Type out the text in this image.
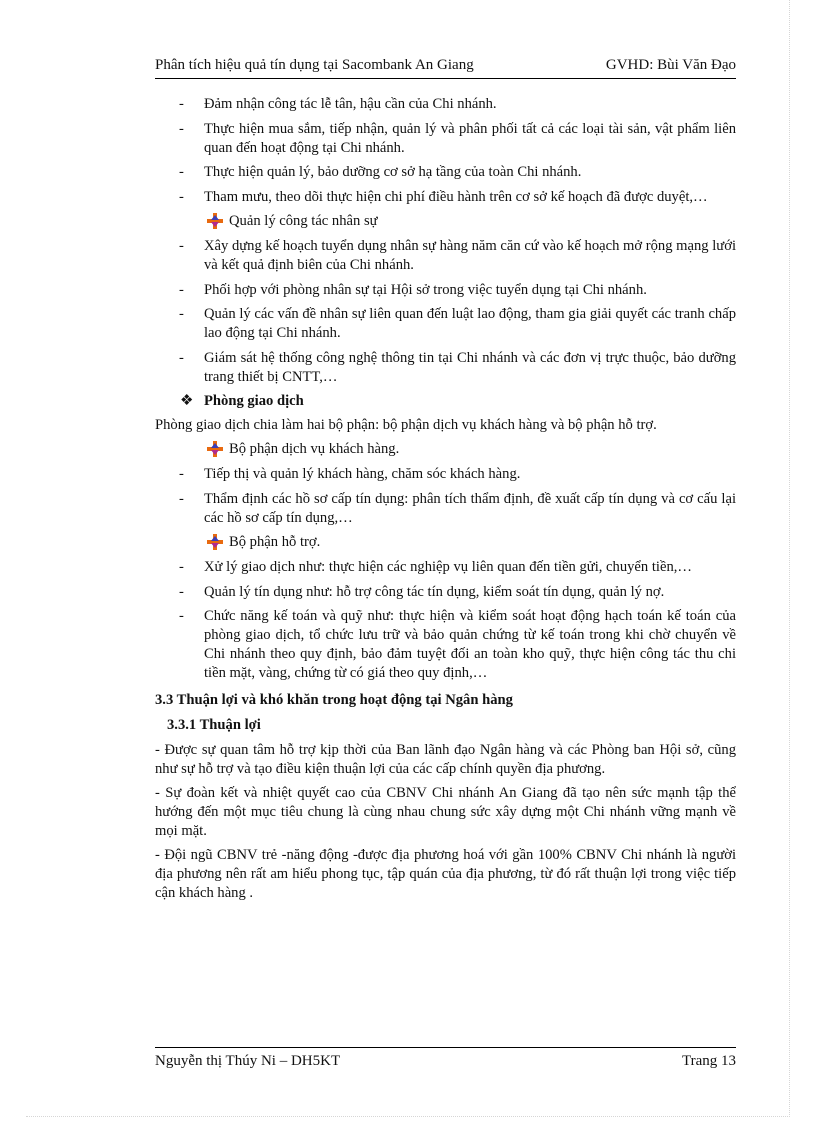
Phân tích hiệu quả tín dụng tại Sacombank An Giang	GVHD: Bùi Văn Đạo
- Đảm nhận công tác lễ tân, hậu cần của Chi nhánh.
- Thực hiện mua sắm, tiếp nhận, quản lý và phân phối tất cả các loại tài sản, vật phẩm liên quan đến hoạt động tại Chi nhánh.
- Thực hiện quản lý, bảo dưỡng cơ sở hạ tầng của toàn Chi nhánh.
- Tham mưu, theo dõi thực hiện chi phí điều hành trên cơ sở kế hoạch đã được duyệt,…
Quản lý công tác nhân sự
- Xây dựng kế hoạch tuyển dụng nhân sự hàng năm căn cứ vào kế hoạch mở rộng mạng lưới và kết quả định biên của Chi nhánh.
- Phối hợp với phòng nhân sự tại Hội sở trong việc tuyển dụng tại Chi nhánh.
- Quản lý các vấn đề nhân sự liên quan đến luật lao động, tham gia giải quyết các tranh chấp lao động tại Chi nhánh.
- Giám sát hệ thống công nghệ thông tin tại Chi nhánh và các đơn vị trực thuộc, bảo dưỡng trang thiết bị CNTT,…
❖ Phòng giao dịch
Phòng giao dịch chia làm hai bộ phận: bộ phận dịch vụ khách hàng và bộ phận hỗ trợ.
Bộ phận dịch vụ khách hàng.
- Tiếp thị và quản lý khách hàng, chăm sóc khách hàng.
- Thẩm định các hồ sơ cấp tín dụng: phân tích thẩm định, đề xuất cấp tín dụng và cơ cấu lại các hồ sơ cấp tín dụng,…
Bộ phận hỗ trợ.
- Xử lý giao dịch như: thực hiện các nghiệp vụ liên quan đến tiền gửi, chuyển tiền,…
- Quản lý tín dụng như: hỗ trợ công tác tín dụng, kiểm soát tín dụng, quản lý nợ.
- Chức năng kế toán và quỹ như: thực hiện và kiểm soát hoạt động hạch toán kế toán của phòng giao dịch, tổ chức lưu trữ và bảo quản chứng từ kế toán trong khi chờ chuyển về Chi nhánh theo quy định, bảo đảm tuyệt đối an toàn kho quỹ, thực hiện công tác thu chi tiền mặt, vàng, chứng từ có giá theo quy định,…
3.3 Thuận lợi và khó khăn trong hoạt động tại Ngân hàng
3.3.1 Thuận lợi
- Được sự quan tâm hỗ trợ kịp thời của Ban lãnh đạo Ngân hàng và các Phòng ban Hội sở, cũng như sự hỗ trợ và tạo điều kiện thuận lợi của các cấp chính quyền địa phương.
- Sự đoàn kết và nhiệt quyết cao của CBNV Chi nhánh An Giang đã tạo nên sức mạnh tập thể hướng đến một mục tiêu chung là cùng nhau chung sức xây dựng một Chi nhánh vững mạnh về mọi mặt.
- Đội ngũ CBNV trẻ -năng động -được địa phương hoá với gần 100% CBNV Chi nhánh là người địa phương nên rất am hiểu phong tục, tập quán của địa phương, từ đó rất thuận lợi trong việc tiếp cận khách hàng .
Nguyễn thị Thúy Ni – DH5KT	Trang 13
